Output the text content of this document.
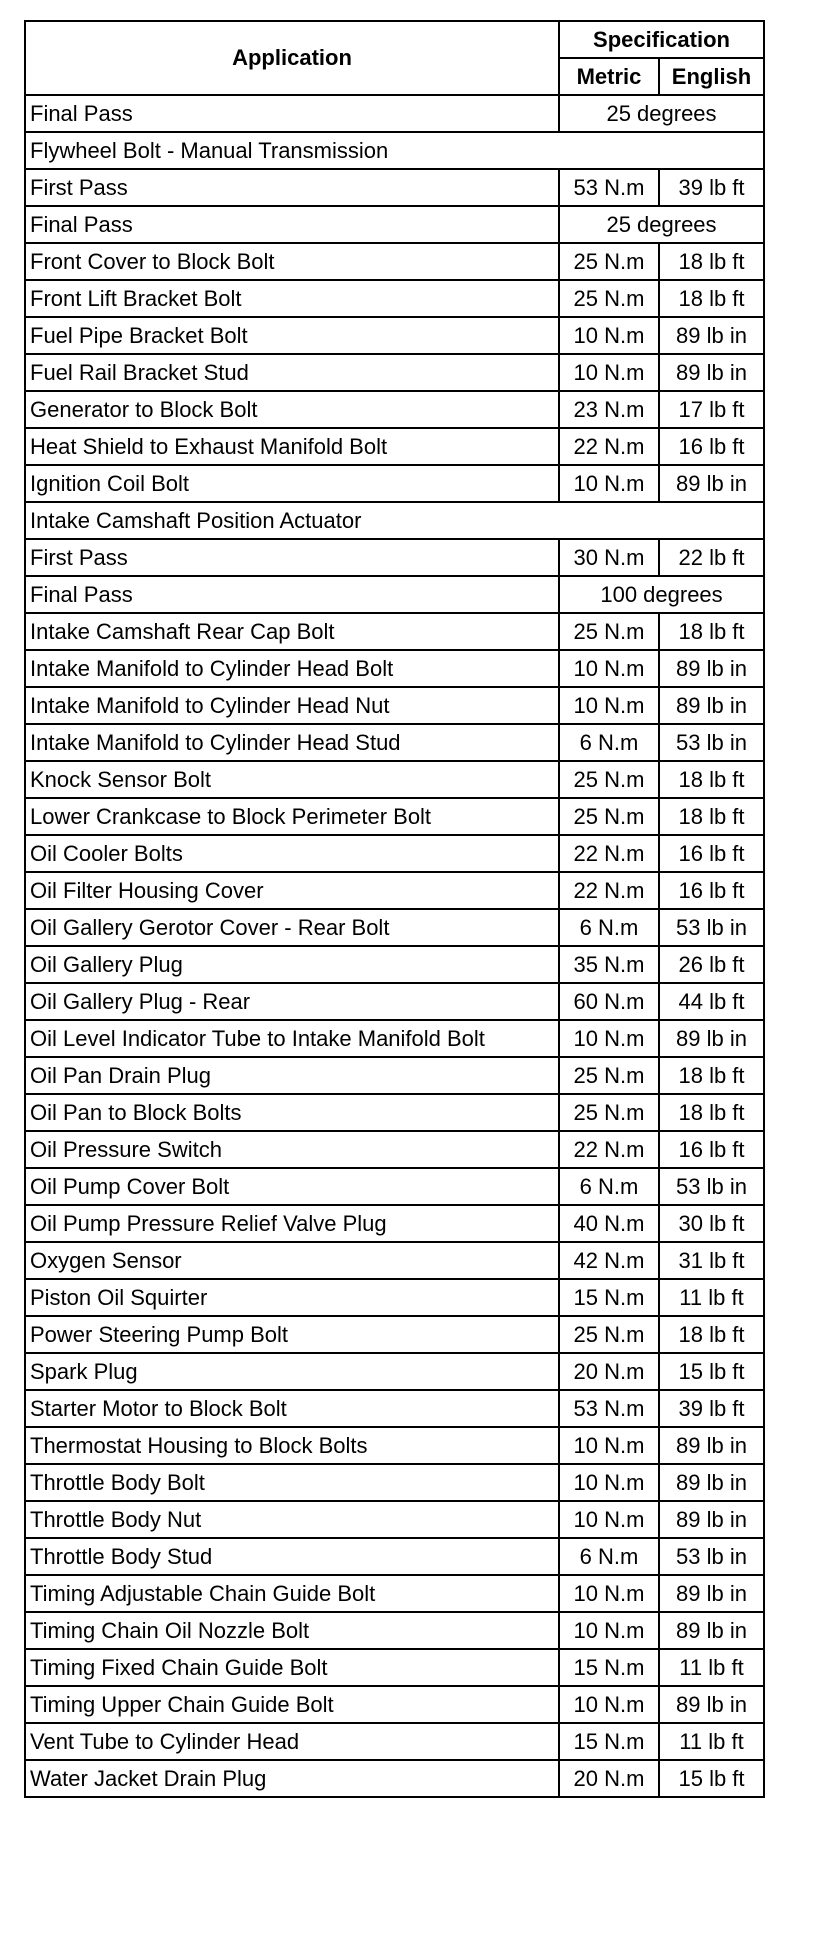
Application	Specification	
	Metric	English
Final Pass	25 degrees	
Flywheel Bolt - Manual Transmission		
First Pass	53 N.m	39 lb ft
Final Pass	25 degrees	
Front Cover to Block Bolt	25 N.m	18 lb ft
Front Lift Bracket Bolt	25 N.m	18 lb ft
Fuel Pipe Bracket Bolt	10 N.m	89 lb in
Fuel Rail Bracket Stud	10 N.m	89 lb in
Generator to Block Bolt	23 N.m	17 lb ft
Heat Shield to Exhaust Manifold Bolt	22 N.m	16 lb ft
Ignition Coil Bolt	10 N.m	89 lb in
Intake Camshaft Position Actuator		
First Pass	30 N.m	22 lb ft
Final Pass	100 degrees	
Intake Camshaft Rear Cap Bolt	25 N.m	18 lb ft
Intake Manifold to Cylinder Head Bolt	10 N.m	89 lb in
Intake Manifold to Cylinder Head Nut	10 N.m	89 lb in
Intake Manifold to Cylinder Head Stud	6 N.m	53 lb in
Knock Sensor Bolt	25 N.m	18 lb ft
Lower Crankcase to Block Perimeter Bolt	25 N.m	18 lb ft
Oil Cooler Bolts	22 N.m	16 lb ft
Oil Filter Housing Cover	22 N.m	16 lb ft
Oil Gallery Gerotor Cover - Rear Bolt	6 N.m	53 lb in
Oil Gallery Plug	35 N.m	26 lb ft
Oil Gallery Plug - Rear	60 N.m	44 lb ft
Oil Level Indicator Tube to Intake Manifold Bolt	10 N.m	89 lb in
Oil Pan Drain Plug	25 N.m	18 lb ft
Oil Pan to Block Bolts	25 N.m	18 lb ft
Oil Pressure Switch	22 N.m	16 lb ft
Oil Pump Cover Bolt	6 N.m	53 lb in
Oil Pump Pressure Relief Valve Plug	40 N.m	30 lb ft
Oxygen Sensor	42 N.m	31 lb ft
Piston Oil Squirter	15 N.m	11 lb ft
Power Steering Pump Bolt	25 N.m	18 lb ft
Spark Plug	20 N.m	15 lb ft
Starter Motor to Block Bolt	53 N.m	39 lb ft
Thermostat Housing to Block Bolts	10 N.m	89 lb in
Throttle Body Bolt	10 N.m	89 lb in
Throttle Body Nut	10 N.m	89 lb in
Throttle Body Stud	6 N.m	53 lb in
Timing Adjustable Chain Guide Bolt	10 N.m	89 lb in
Timing Chain Oil Nozzle Bolt	10 N.m	89 lb in
Timing Fixed Chain Guide Bolt	15 N.m	11 lb ft
Timing Upper Chain Guide Bolt	10 N.m	89 lb in
Vent Tube to Cylinder Head	15 N.m	11 lb ft
Water Jacket Drain Plug	20 N.m	15 lb ft
